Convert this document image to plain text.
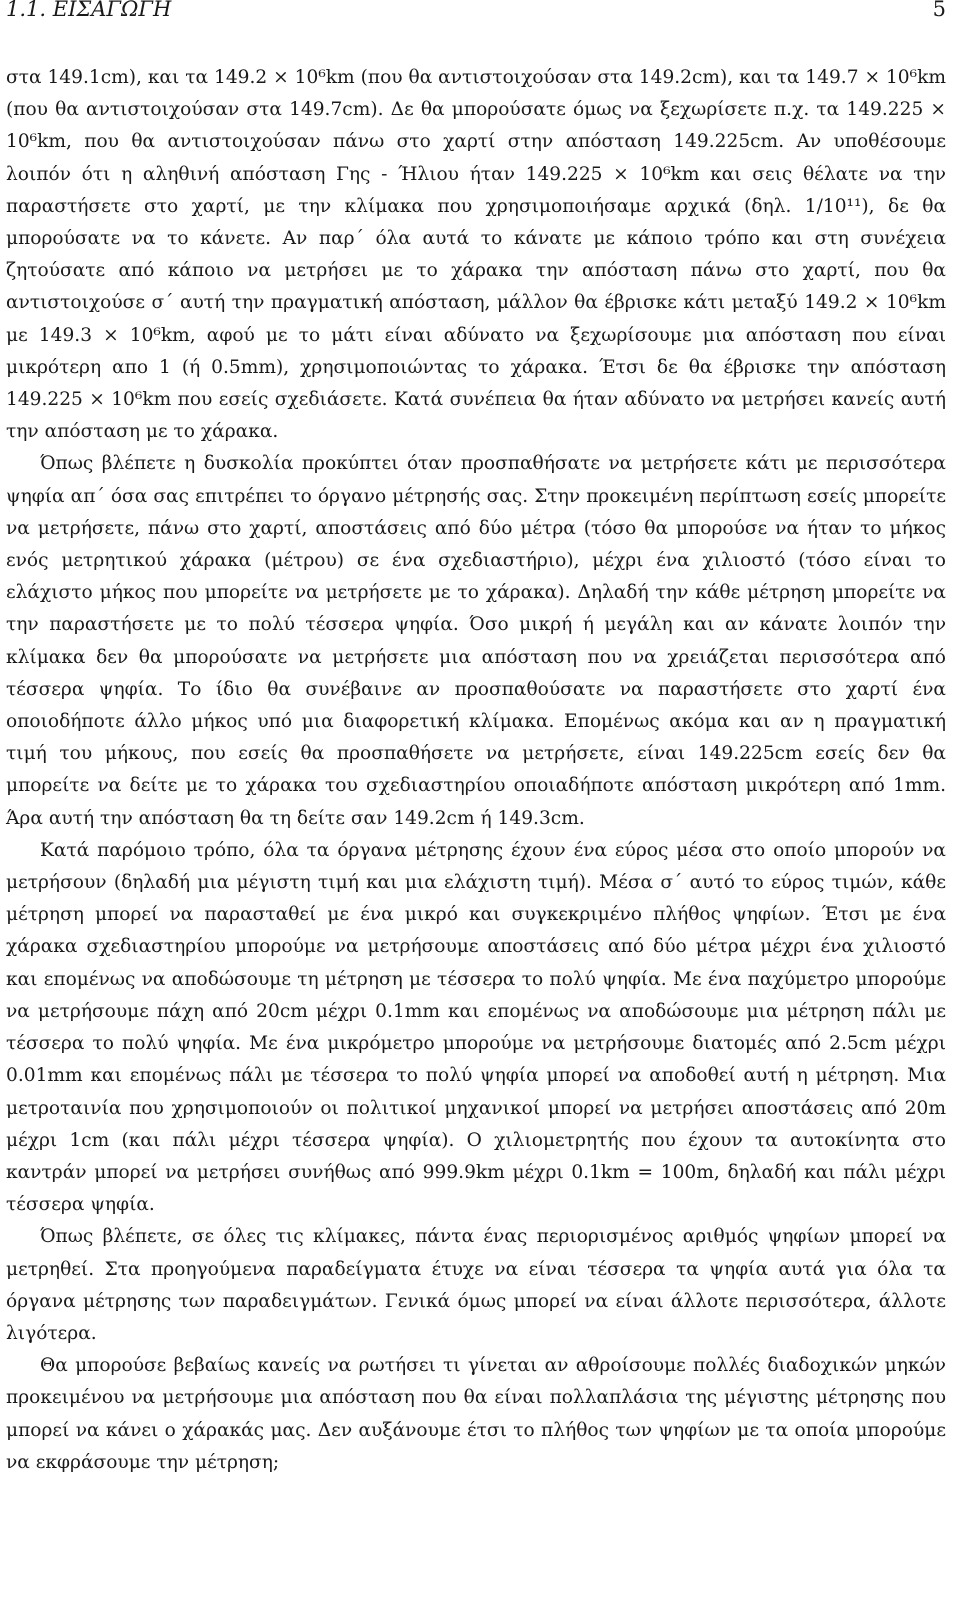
1.1. ΕΙΣΑΓΩΓΗ	5

στα 149.1cm), και τα 149.2 × 10⁶km (που θα αντιστοιχούσαν στα 149.2cm), και τα 149.7 × 10⁶km (που θα αντιστοιχούσαν στα 149.7cm). Δε θα μπορούσατε όμως να ξεχωρίσετε π.χ. τα 149.225 × 10⁶km, που θα αντιστοιχούσαν πάνω στο χαρτί στην απόσταση 149.225cm. Αν υποθέσουμε λοιπόν ότι η αληθινή απόσταση Γης - Ήλιου ήταν 149.225 × 10⁶km και σεις θέλατε να την παραστήσετε στο χαρτί, με την κλίμακα που χρησιμοποιήσαμε αρχικά (δηλ. 1/10¹¹), δε θα μπορούσατε να το κάνετε. Αν παρ΄ όλα αυτά το κάνατε με κάποιο τρόπο και στη συνέχεια ζητούσατε από κάποιο να μετρήσει με το χάρακα την απόσταση πάνω στο χαρτί, που θα αντιστοιχούσε σ΄ αυτή την πραγματική απόσταση, μάλλον θα έβρισκε κάτι μεταξύ 149.2 × 10⁶km με 149.3 × 10⁶km, αφού με το μάτι είναι αδύνατο να ξεχωρίσουμε μια απόσταση που είναι μικρότερη απο 1 (ή 0.5mm), χρησιμοποιώντας το χάρακα. Έτσι δε θα έβρισκε την απόσταση 149.225 × 10⁶km που εσείς σχεδιάσετε. Κατά συνέπεια θα ήταν αδύνατο να μετρήσει κανείς αυτή την απόσταση με το χάρακα.

Όπως βλέπετε η δυσκολία προκύπτει όταν προσπαθήσατε να μετρήσετε κάτι με περισσότερα ψηφία απ΄ όσα σας επιτρέπει το όργανο μέτρησής σας. Στην προκειμένη περίπτωση εσείς μπορείτε να μετρήσετε, πάνω στο χαρτί, αποστάσεις από δύο μέτρα (τόσο θα μπορούσε να ήταν το μήκος ενός μετρητικού χάρακα (μέτρου) σε ένα σχεδιαστήριο), μέχρι ένα χιλιοστό (τόσο είναι το ελάχιστο μήκος που μπορείτε να μετρήσετε με το χάρακα). Δηλαδή την κάθε μέτρηση μπορείτε να την παραστήσετε με το πολύ τέσσερα ψηφία. Όσο μικρή ή μεγάλη και αν κάνατε λοιπόν την κλίμακα δεν θα μπορούσατε να μετρήσετε μια απόσταση που να χρειάζεται περισσότερα από τέσσερα ψηφία. Το ίδιο θα συνέβαινε αν προσπαθούσατε να παραστήσετε στο χαρτί ένα οποιοδήποτε άλλο μήκος υπό μια διαφορετική κλίμακα. Επομένως ακόμα και αν η πραγματική τιμή του μήκους, που εσείς θα προσπαθήσετε να μετρήσετε, είναι 149.225cm εσείς δεν θα μπορείτε να δείτε με το χάρακα του σχεδιαστηρίου οποιαδήποτε απόσταση μικρότερη από 1mm. Άρα αυτή την απόσταση θα τη δείτε σαν 149.2cm ή 149.3cm.

Κατά παρόμοιο τρόπο, όλα τα όργανα μέτρησης έχουν ένα εύρος μέσα στο οποίο μπορούν να μετρήσουν (δηλαδή μια μέγιστη τιμή και μια ελάχιστη τιμή). Μέσα σ΄ αυτό το εύρος τιμών, κάθε μέτρηση μπορεί να παρασταθεί με ένα μικρό και συγκεκριμένο πλήθος ψηφίων. Έτσι με ένα χάρακα σχεδιαστηρίου μπορούμε να μετρήσουμε αποστάσεις από δύο μέτρα μέχρι ένα χιλιοστό και επομένως να αποδώσουμε τη μέτρηση με τέσσερα το πολύ ψηφία. Με ένα παχύμετρο μπορούμε να μετρήσουμε πάχη από 20cm μέχρι 0.1mm και επομένως να αποδώσουμε μια μέτρηση πάλι με τέσσερα το πολύ ψηφία. Με ένα μικρόμετρο μπορούμε να μετρήσουμε διατομές από 2.5cm μέχρι 0.01mm και επομένως πάλι με τέσσερα το πολύ ψηφία μπορεί να αποδοθεί αυτή η μέτρηση. Μια μετροταινία που χρησιμοποιούν οι πολιτικοί μηχανικοί μπορεί να μετρήσει αποστάσεις από 20m μέχρι 1cm (και πάλι μέχρι τέσσερα ψηφία). Ο χιλιομετρητής που έχουν τα αυτοκίνητα στο καντράν μπορεί να μετρήσει συνήθως από 999.9km μέχρι 0.1km = 100m, δηλαδή και πάλι μέχρι τέσσερα ψηφία.

Όπως βλέπετε, σε όλες τις κλίμακες, πάντα ένας περιορισμένος αριθμός ψηφίων μπορεί να μετρηθεί. Στα προηγούμενα παραδείγματα έτυχε να είναι τέσσερα τα ψηφία αυτά για όλα τα όργανα μέτρησης των παραδειγμάτων. Γενικά όμως μπορεί να είναι άλλοτε περισσότερα, άλλοτε λιγότερα.

Θα μπορούσε βεβαίως κανείς να ρωτήσει τι γίνεται αν αθροίσουμε πολλές διαδοχικών μηκών προκειμένου να μετρήσουμε μια απόσταση που θα είναι πολλαπλάσια της μέγιστης μέτρησης που μπορεί να κάνει ο χάρακάς μας. Δεν αυξάνουμε έτσι το πλήθος των ψηφίων με τα οποία μπορούμε να εκφράσουμε την μέτρηση;
